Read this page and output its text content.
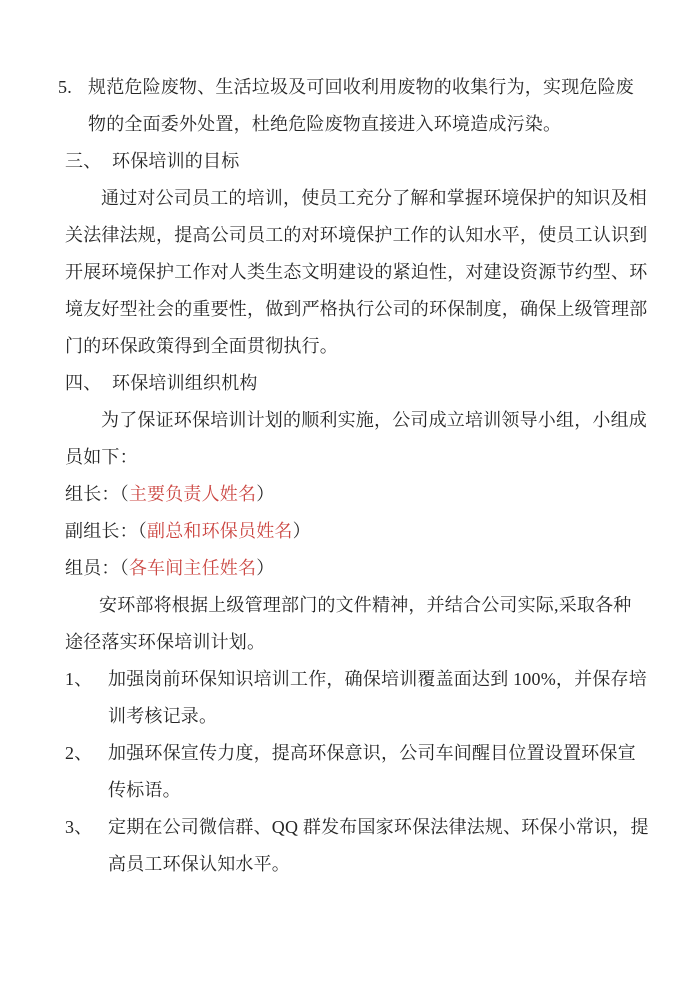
5. 规范危险废物、生活垃圾及可回收利用废物的收集行为，实现危险废
物的全面委外处置，杜绝危险废物直接进入环境造成污染。
三、 环保培训的目标
通过对公司员工的培训，使员工充分了解和掌握环境保护的知识及相
关法律法规，提高公司员工的对环境保护工作的认知水平，使员工认识到
开展环境保护工作对人类生态文明建设的紧迫性，对建设资源节约型、环
境友好型社会的重要性，做到严格执行公司的环保制度，确保上级管理部
门的环保政策得到全面贯彻执行。
四、 环保培训组织机构
为了保证环保培训计划的顺利实施，公司成立培训领导小组，小组成
员如下：
组长：（主要负责人姓名）
副组长：（副总和环保员姓名）
组员：（各车间主任姓名）
安环部将根据上级管理部门的文件精神，并结合公司实际,采取各种
途径落实环保培训计划。
1、 加强岗前环保知识培训工作，确保培训覆盖面达到 100%，并保存培
训考核记录。
2、 加强环保宣传力度，提高环保意识，公司车间醒目位置设置环保宣
传标语。
3、 定期在公司微信群、QQ 群发布国家环保法律法规、环保小常识，提
高员工环保认知水平。
